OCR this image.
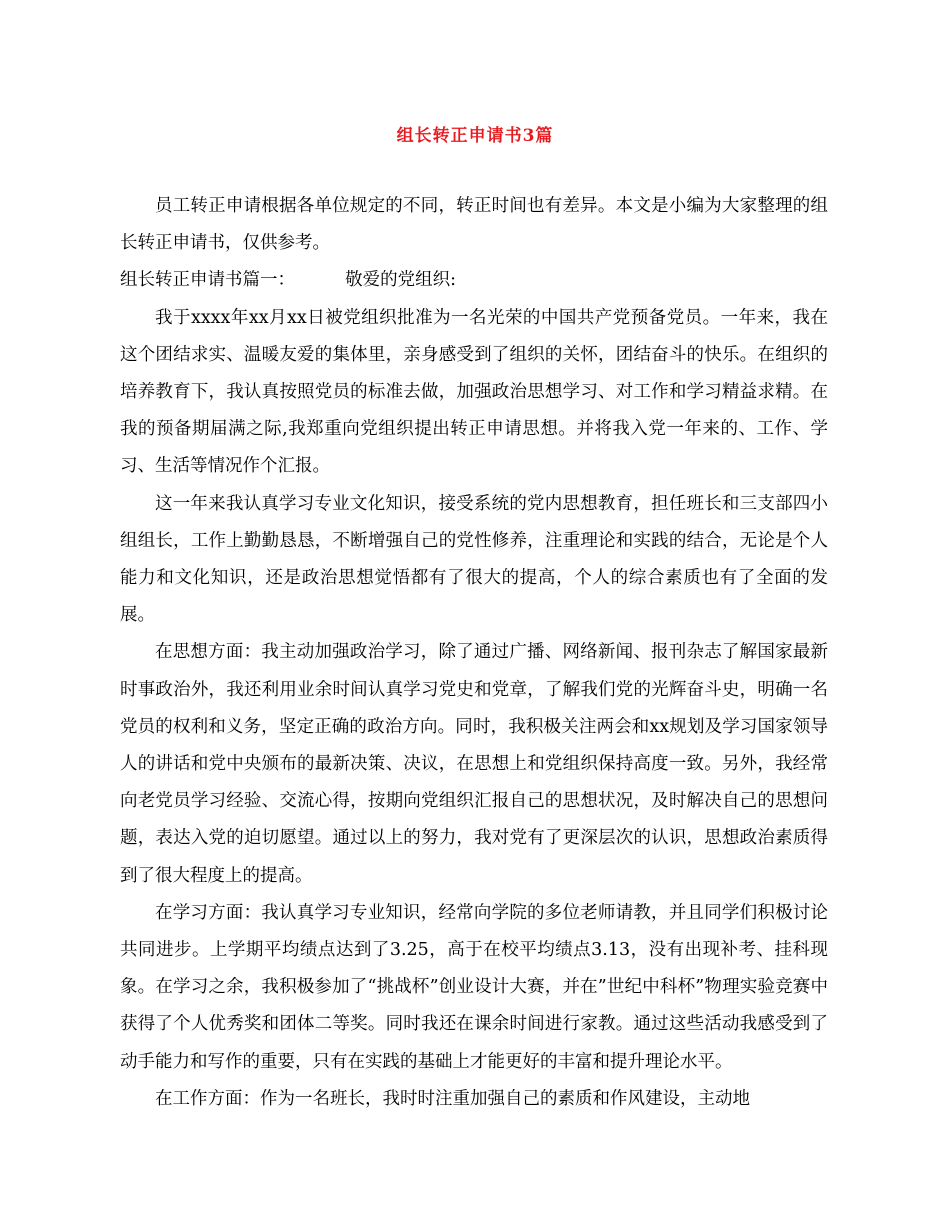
组长转正申请书3篇

员工转正申请根据各单位规定的不同，转正时间也有差异。本文是小编为大家整理的组长转正申请书，仅供参考。

组长转正申请书篇一：	敬爱的党组织:

我于xxxx年xx月xx日被党组织批准为一名光荣的中国共产党预备党员。一年来，我在这个团结求实、温暖友爱的集体里，亲身感受到了组织的关怀，团结奋斗的快乐。在组织的培养教育下，我认真按照党员的标准去做，加强政治思想学习、对工作和学习精益求精。在我的预备期届满之际,我郑重向党组织提出转正申请思想。并将我入党一年来的、工作、学习、生活等情况作个汇报。

这一年来我认真学习专业文化知识，接受系统的党内思想教育，担任班长和三支部四小组组长，工作上勤勤恳恳，不断增强自己的党性修养，注重理论和实践的结合，无论是个人能力和文化知识，还是政治思想觉悟都有了很大的提高，个人的综合素质也有了全面的发展。

在思想方面：我主动加强政治学习，除了通过广播、网络新闻、报刊杂志了解国家最新时事政治外，我还利用业余时间认真学习党史和党章，了解我们党的光辉奋斗史，明确一名党员的权利和义务，坚定正确的政治方向。同时，我积极关注两会和xx规划及学习国家领导人的讲话和党中央颁布的最新决策、决议，在思想上和党组织保持高度一致。另外，我经常向老党员学习经验、交流心得，按期向党组织汇报自己的思想状况，及时解决自己的思想问题，表达入党的迫切愿望。通过以上的努力，我对党有了更深层次的认识，思想政治素质得到了很大程度上的提高。

在学习方面：我认真学习专业知识，经常向学院的多位老师请教，并且同学们积极讨论共同进步。上学期平均绩点达到了3.25，高于在校平均绩点3.13，没有出现补考、挂科现象。在学习之余，我积极参加了“挑战杯”创业设计大赛，并在”世纪中科杯”物理实验竞赛中获得了个人优秀奖和团体二等奖。同时我还在课余时间进行家教。通过这些活动我感受到了动手能力和写作的重要，只有在实践的基础上才能更好的丰富和提升理论水平。

在工作方面：作为一名班长，我时时注重加强自己的素质和作风建设，主动地
